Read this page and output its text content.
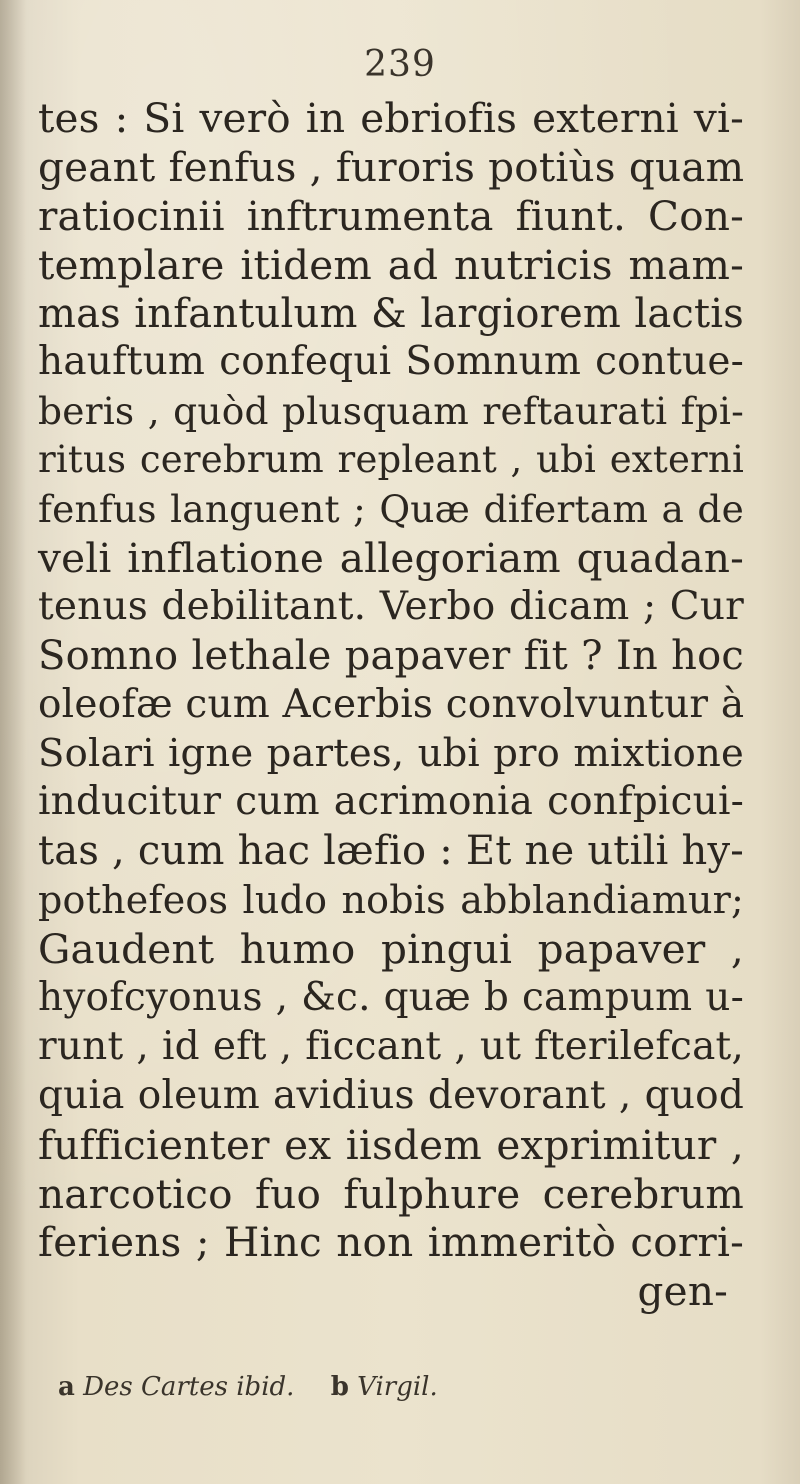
239
tes : Si verò in ebriofis externi vi-
geant fenfus , furoris potiùs quam
ratiocinii inftrumenta fiunt. Con-
templare itidem ad nutricis mam-
mas infantulum & largiorem lactis
hauftum confequi Somnum contue-
beris , quòd plusquam reftaurati fpi-
ritus cerebrum repleant , ubi externi
fenfus languent ; Quæ difertam a de
veli inflatione allegoriam quadan-
tenus debilitant. Verbo dicam ; Cur
Somno lethale papaver fit ? In hoc
oleofæ cum Acerbis convolvuntur à
Solari igne partes, ubi pro mixtione
inducitur cum acrimonia confpicui-
tas , cum hac læfio : Et ne utili hy-
pothefeos ludo nobis abblandiamur;
Gaudent humo pingui papaver ,
hyofcyonus , &c. quæ b campum u-
runt , id eft , ficcant , ut fterilefcat,
quia oleum avidius devorant , quod
fufficienter ex iisdem exprimitur ,
narcotico fuo fulphure cerebrum
feriens ; Hinc non immeritò corri-
gen-
a Des Cartes ibid. b Virgil.
